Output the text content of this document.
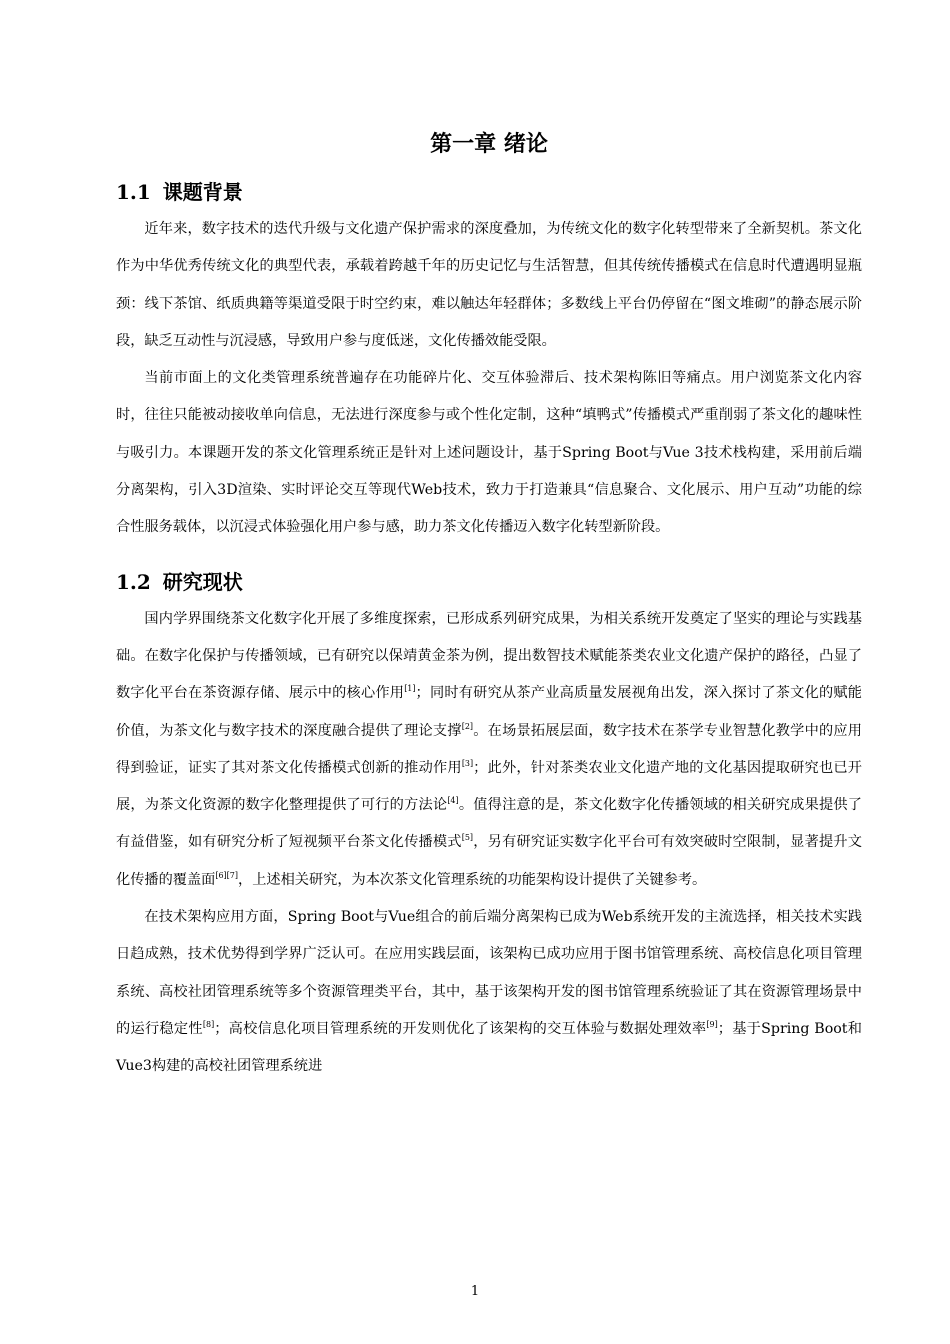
第一章 绪论
1.1 课题背景

近年来，数字技术的迭代升级与文化遗产保护需求的深度叠加，为传统文化的数字化转型带来了全新契机。茶文化作为中华优秀传统文化的典型代表，承载着跨越千年的历史记忆与生活智慧，但其传统传播模式在信息时代遭遇明显瓶颈：线下茶馆、纸质典籍等渠道受限于时空约束，难以触达年轻群体；多数线上平台仍停留在“图文堆砌”的静态展示阶段，缺乏互动性与沉浸感，导致用户参与度低迷，文化传播效能受限。

当前市面上的文化类管理系统普遍存在功能碎片化、交互体验滞后、技术架构陈旧等痛点。用户浏览茶文化内容时，往往只能被动接收单向信息，无法进行深度参与或个性化定制，这种“填鸭式”传播模式严重削弱了茶文化的趣味性与吸引力。本课题开发的茶文化管理系统正是针对上述问题设计，基于Spring Boot与Vue 3技术栈构建，采用前后端分离架构，引入3D渲染、实时评论交互等现代Web技术，致力于打造兼具“信息聚合、文化展示、用户互动”功能的综合性服务载体，以沉浸式体验强化用户参与感，助力茶文化传播迈入数字化转型新阶段。

1.2 研究现状

国内学界围绕茶文化数字化开展了多维度探索，已形成系列研究成果，为相关系统开发奠定了坚实的理论与实践基础。在数字化保护与传播领域，已有研究以保靖黄金茶为例，提出数智技术赋能茶类农业文化遗产保护的路径，凸显了数字化平台在茶资源存储、展示中的核心作用[1]；同时有研究从茶产业高质量发展视角出发，深入探讨了茶文化的赋能价值，为茶文化与数字技术的深度融合提供了理论支撑[2]。在场景拓展层面，数字技术在茶学专业智慧化教学中的应用得到验证，证实了其对茶文化传播模式创新的推动作用[3]；此外，针对茶类农业文化遗产地的文化基因提取研究也已开展，为茶文化资源的数字化整理提供了可行的方法论[4]。值得注意的是，茶文化数字化传播领域的相关研究成果提供了有益借鉴，如有研究分析了短视频平台茶文化传播模式[5]，另有研究证实数字化平台可有效突破时空限制，显著提升文化传播的覆盖面[6][7]，上述相关研究，为本次茶文化管理系统的功能架构设计提供了关键参考。

在技术架构应用方面，Spring Boot与Vue组合的前后端分离架构已成为Web系统开发的主流选择，相关技术实践日趋成熟，技术优势得到学界广泛认可。在应用实践层面，该架构已成功应用于图书馆管理系统、高校信息化项目管理系统、高校社团管理系统等多个资源管理类平台，其中，基于该架构开发的图书馆管理系统验证了其在资源管理场景中的运行稳定性[8]；高校信息化项目管理系统的开发则优化了该架构的交互体验与数据处理效率[9]；基于Spring Boot和Vue3构建的高校社团管理系统进

1
